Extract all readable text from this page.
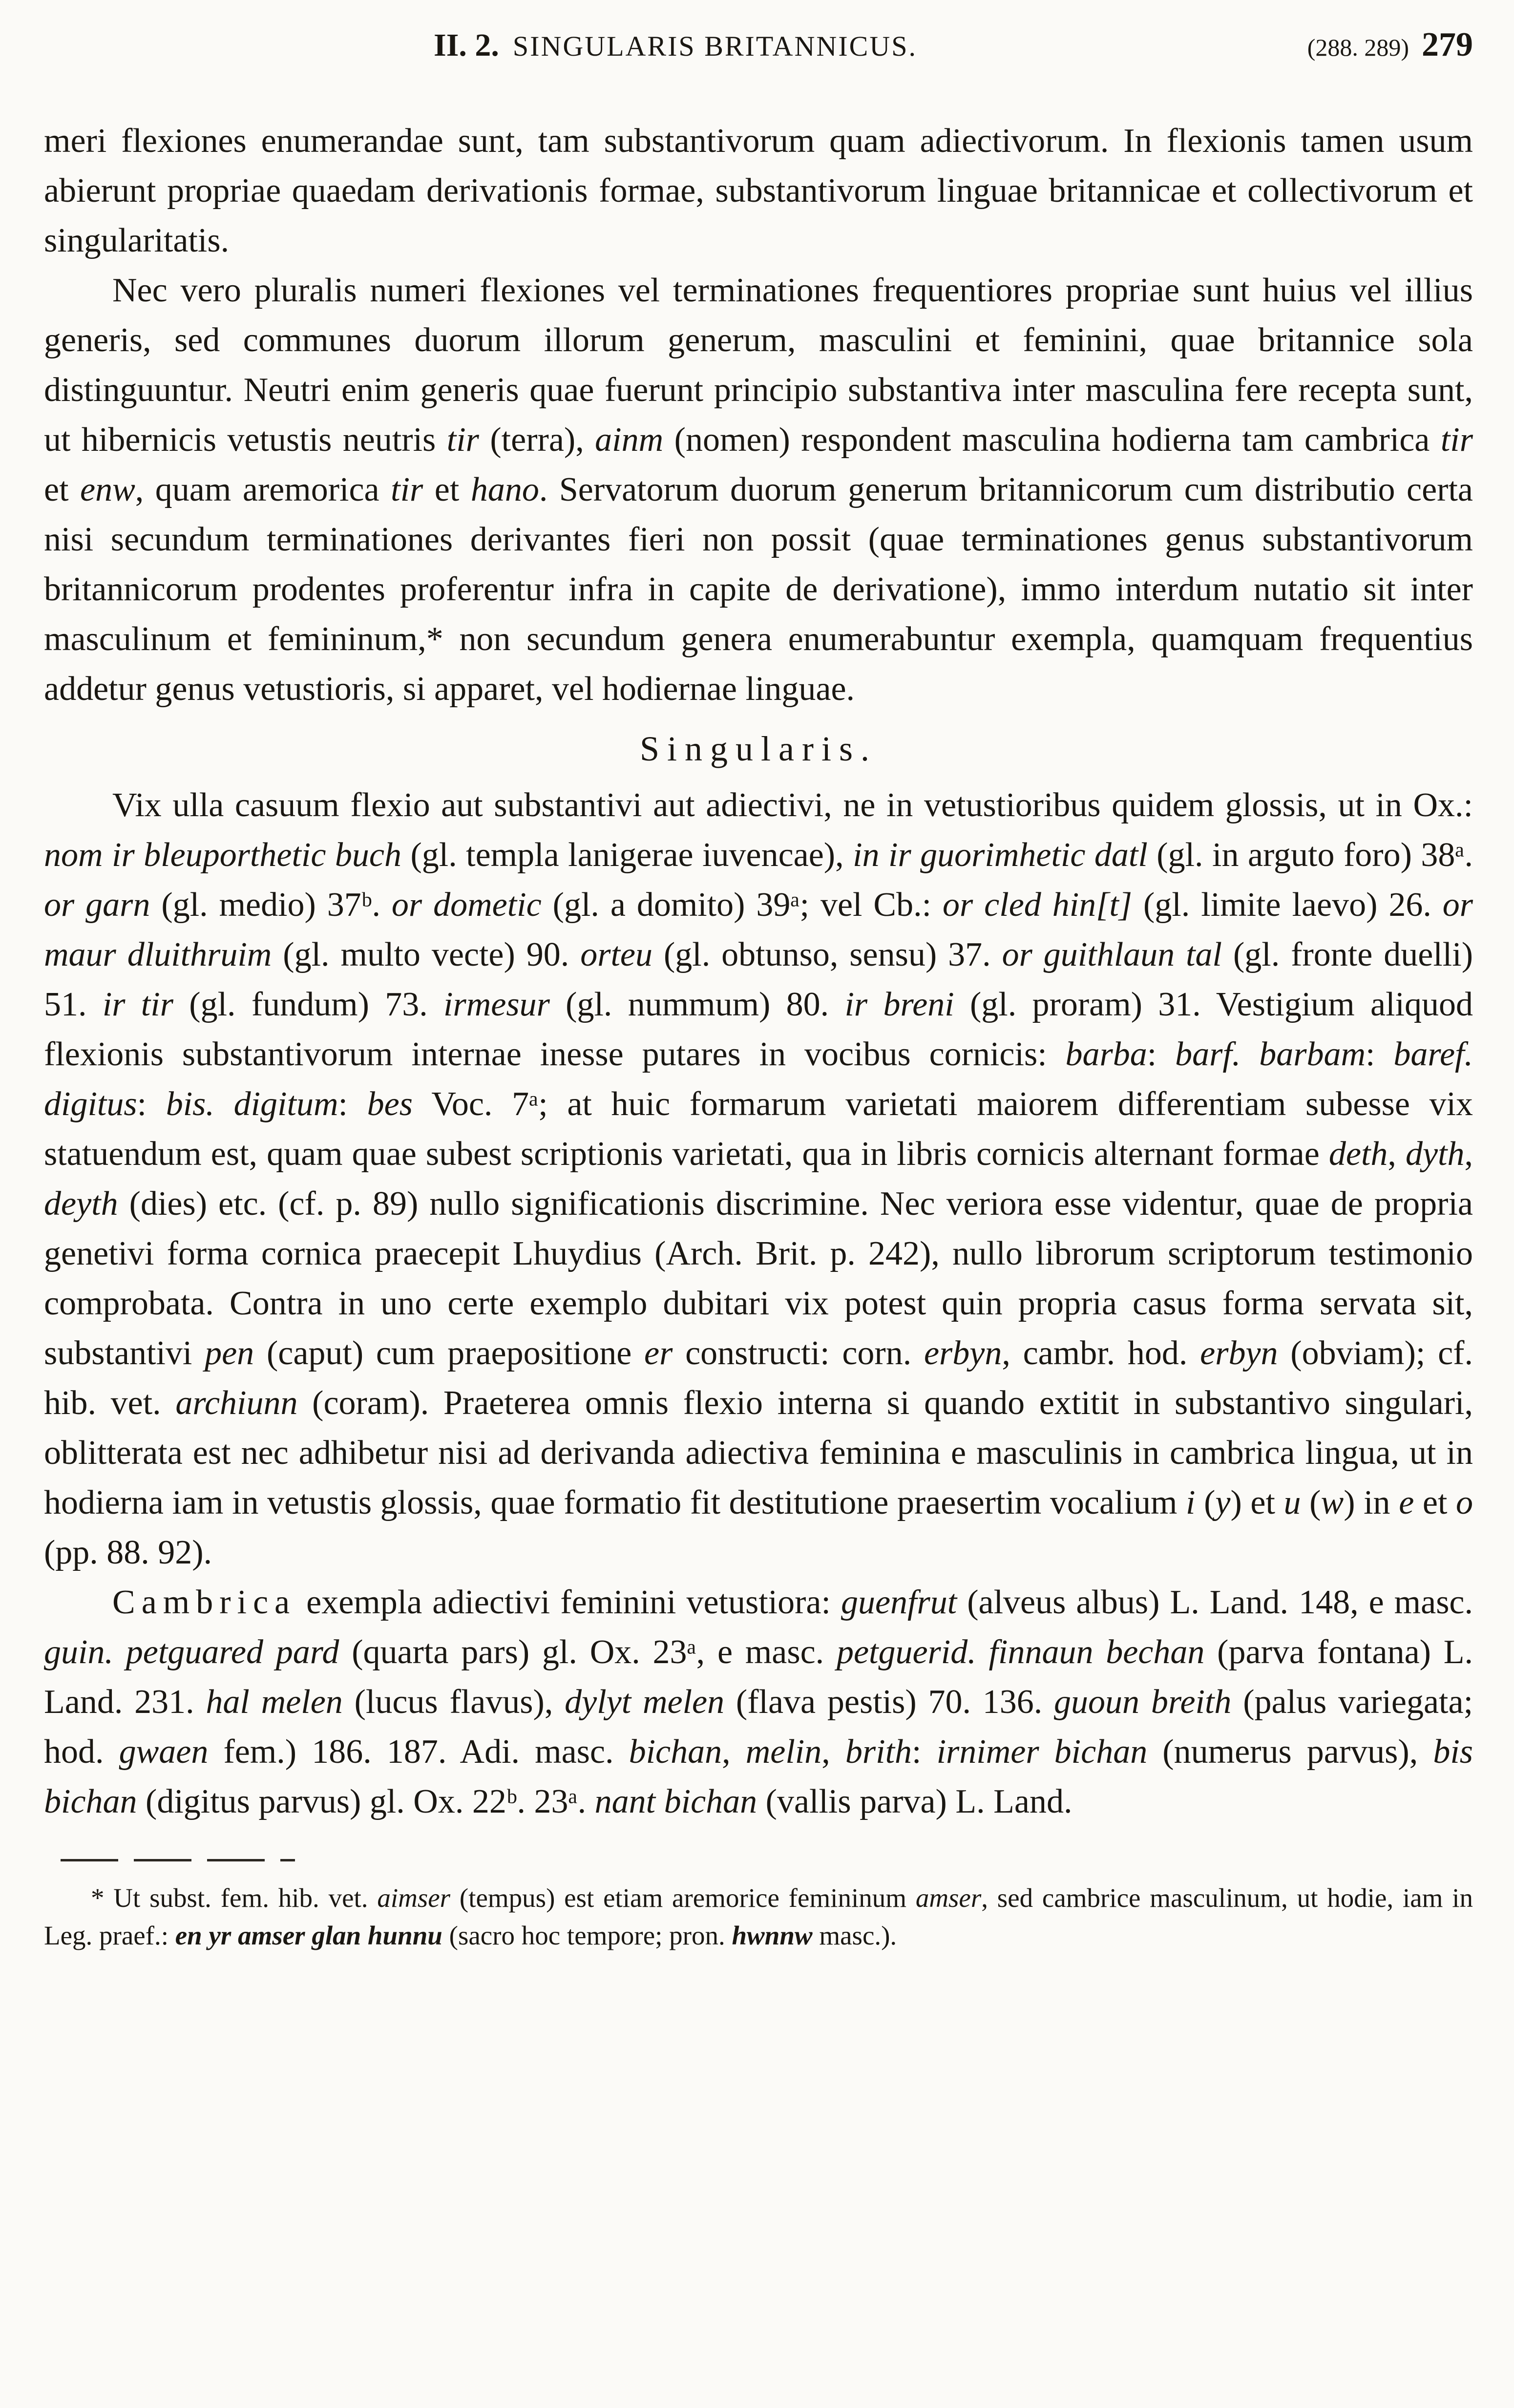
II. 2. SINGULARIS BRITANNICUS.	(288. 289) 279

meri flexiones enumerandae sunt, tam substantivorum quam adiectivorum. In flexionis tamen usum abierunt propriae quaedam derivationis formae, substantivorum linguae britannicae et collectivorum et singularitatis.

Nec vero pluralis numeri flexiones vel terminationes frequentiores propriae sunt huius vel illius generis, sed communes duorum illorum generum, masculini et feminini, quae britannice sola distinguuntur. Neutri enim generis quae fuerunt principio substantiva inter masculina fere recepta sunt, ut hibernicis vetustis neutris tir (terra), ainm (nomen) respondent masculina hodierna tam cambrica tir et enw, quam aremorica tir et hano. Servatorum duorum generum britannicorum cum distributio certa nisi secundum terminationes derivantes fieri non possit (quae terminationes genus substantivorum britannicorum prodentes proferentur infra in capite de derivatione), immo interdum nutatio sit inter masculinum et femininum,* non secundum genera enumerabuntur exempla, quamquam frequentius addetur genus vetustioris, si apparet, vel hodiernae linguae.

Singularis.

Vix ulla casuum flexio aut substantivi aut adiectivi, ne in vetustioribus quidem glossis, ut in Ox.: nom ir bleuporthetic buch (gl. templa lanigerae iuvencae), in ir guorimhetic datl (gl. in arguto foro) 38ᵃ. or garn (gl. medio) 37ᵇ. or dometic (gl. a domito) 39ᵃ; vel Cb.: or cled hin[t] (gl. limite laevo) 26. or maur dluithruim (gl. multo vecte) 90. orteu (gl. obtunso, sensu) 37. or guithlaun tal (gl. fronte duelli) 51. ir tir (gl. fundum) 73. irmesur (gl. nummum) 80. ir breni (gl. proram) 31. Vestigium aliquod flexionis substantivorum internae inesse putares in vocibus cornicis: barba: barf. barbam: baref. digitus: bis. digitum: bes Voc. 7ᵃ; at huic formarum varietati maiorem differentiam subesse vix statuendum est, quam quae subest scriptionis varietati, qua in libris cornicis alternant formae deth, dyth, deyth (dies) etc. (cf. p. 89) nullo significationis discrimine. Nec veriora esse videntur, quae de propria genetivi forma cornica praecepit Lhuydius (Arch. Brit. p. 242), nullo librorum scriptorum testimonio comprobata. Contra in uno certe exemplo dubitari vix potest quin propria casus forma servata sit, substantivi pen (caput) cum praepositione er constructi: corn. erbyn, cambr. hod. erbyn (obviam); cf. hib. vet. archiunn (coram). Praeterea omnis flexio interna si quando extitit in substantivo singulari, oblitterata est nec adhibetur nisi ad derivanda adiectiva feminina e masculinis in cambrica lingua, ut in hodierna iam in vetustis glossis, quae formatio fit destitutione praesertim vocalium i (y) et u (w) in e et o (pp. 88. 92).

Cambrica exempla adiectivi feminini vetustiora: guenfrut (alveus albus) L. Land. 148, e masc. guin. petguared pard (quarta pars) gl. Ox. 23ᵃ, e masc. petguerid. finnaun bechan (parva fontana) L. Land. 231. hal melen (lucus flavus), dylyt melen (flava pestis) 70. 136. guoun breith (palus variegata; hod. gwaen fem.) 186. 187. Adi. masc. bichan, melin, brith: irnimer bichan (numerus parvus), bis bichan (digitus parvus) gl. Ox. 22ᵇ. 23ᵃ. nant bichan (vallis parva) L. Land.

* Ut subst. fem. hib. vet. aimser (tempus) est etiam aremorice femininum amser, sed cambrice masculinum, ut hodie, iam in Leg. praef.: en yr amser glan hunnu (sacro hoc tempore; pron. hwnnw masc.).
